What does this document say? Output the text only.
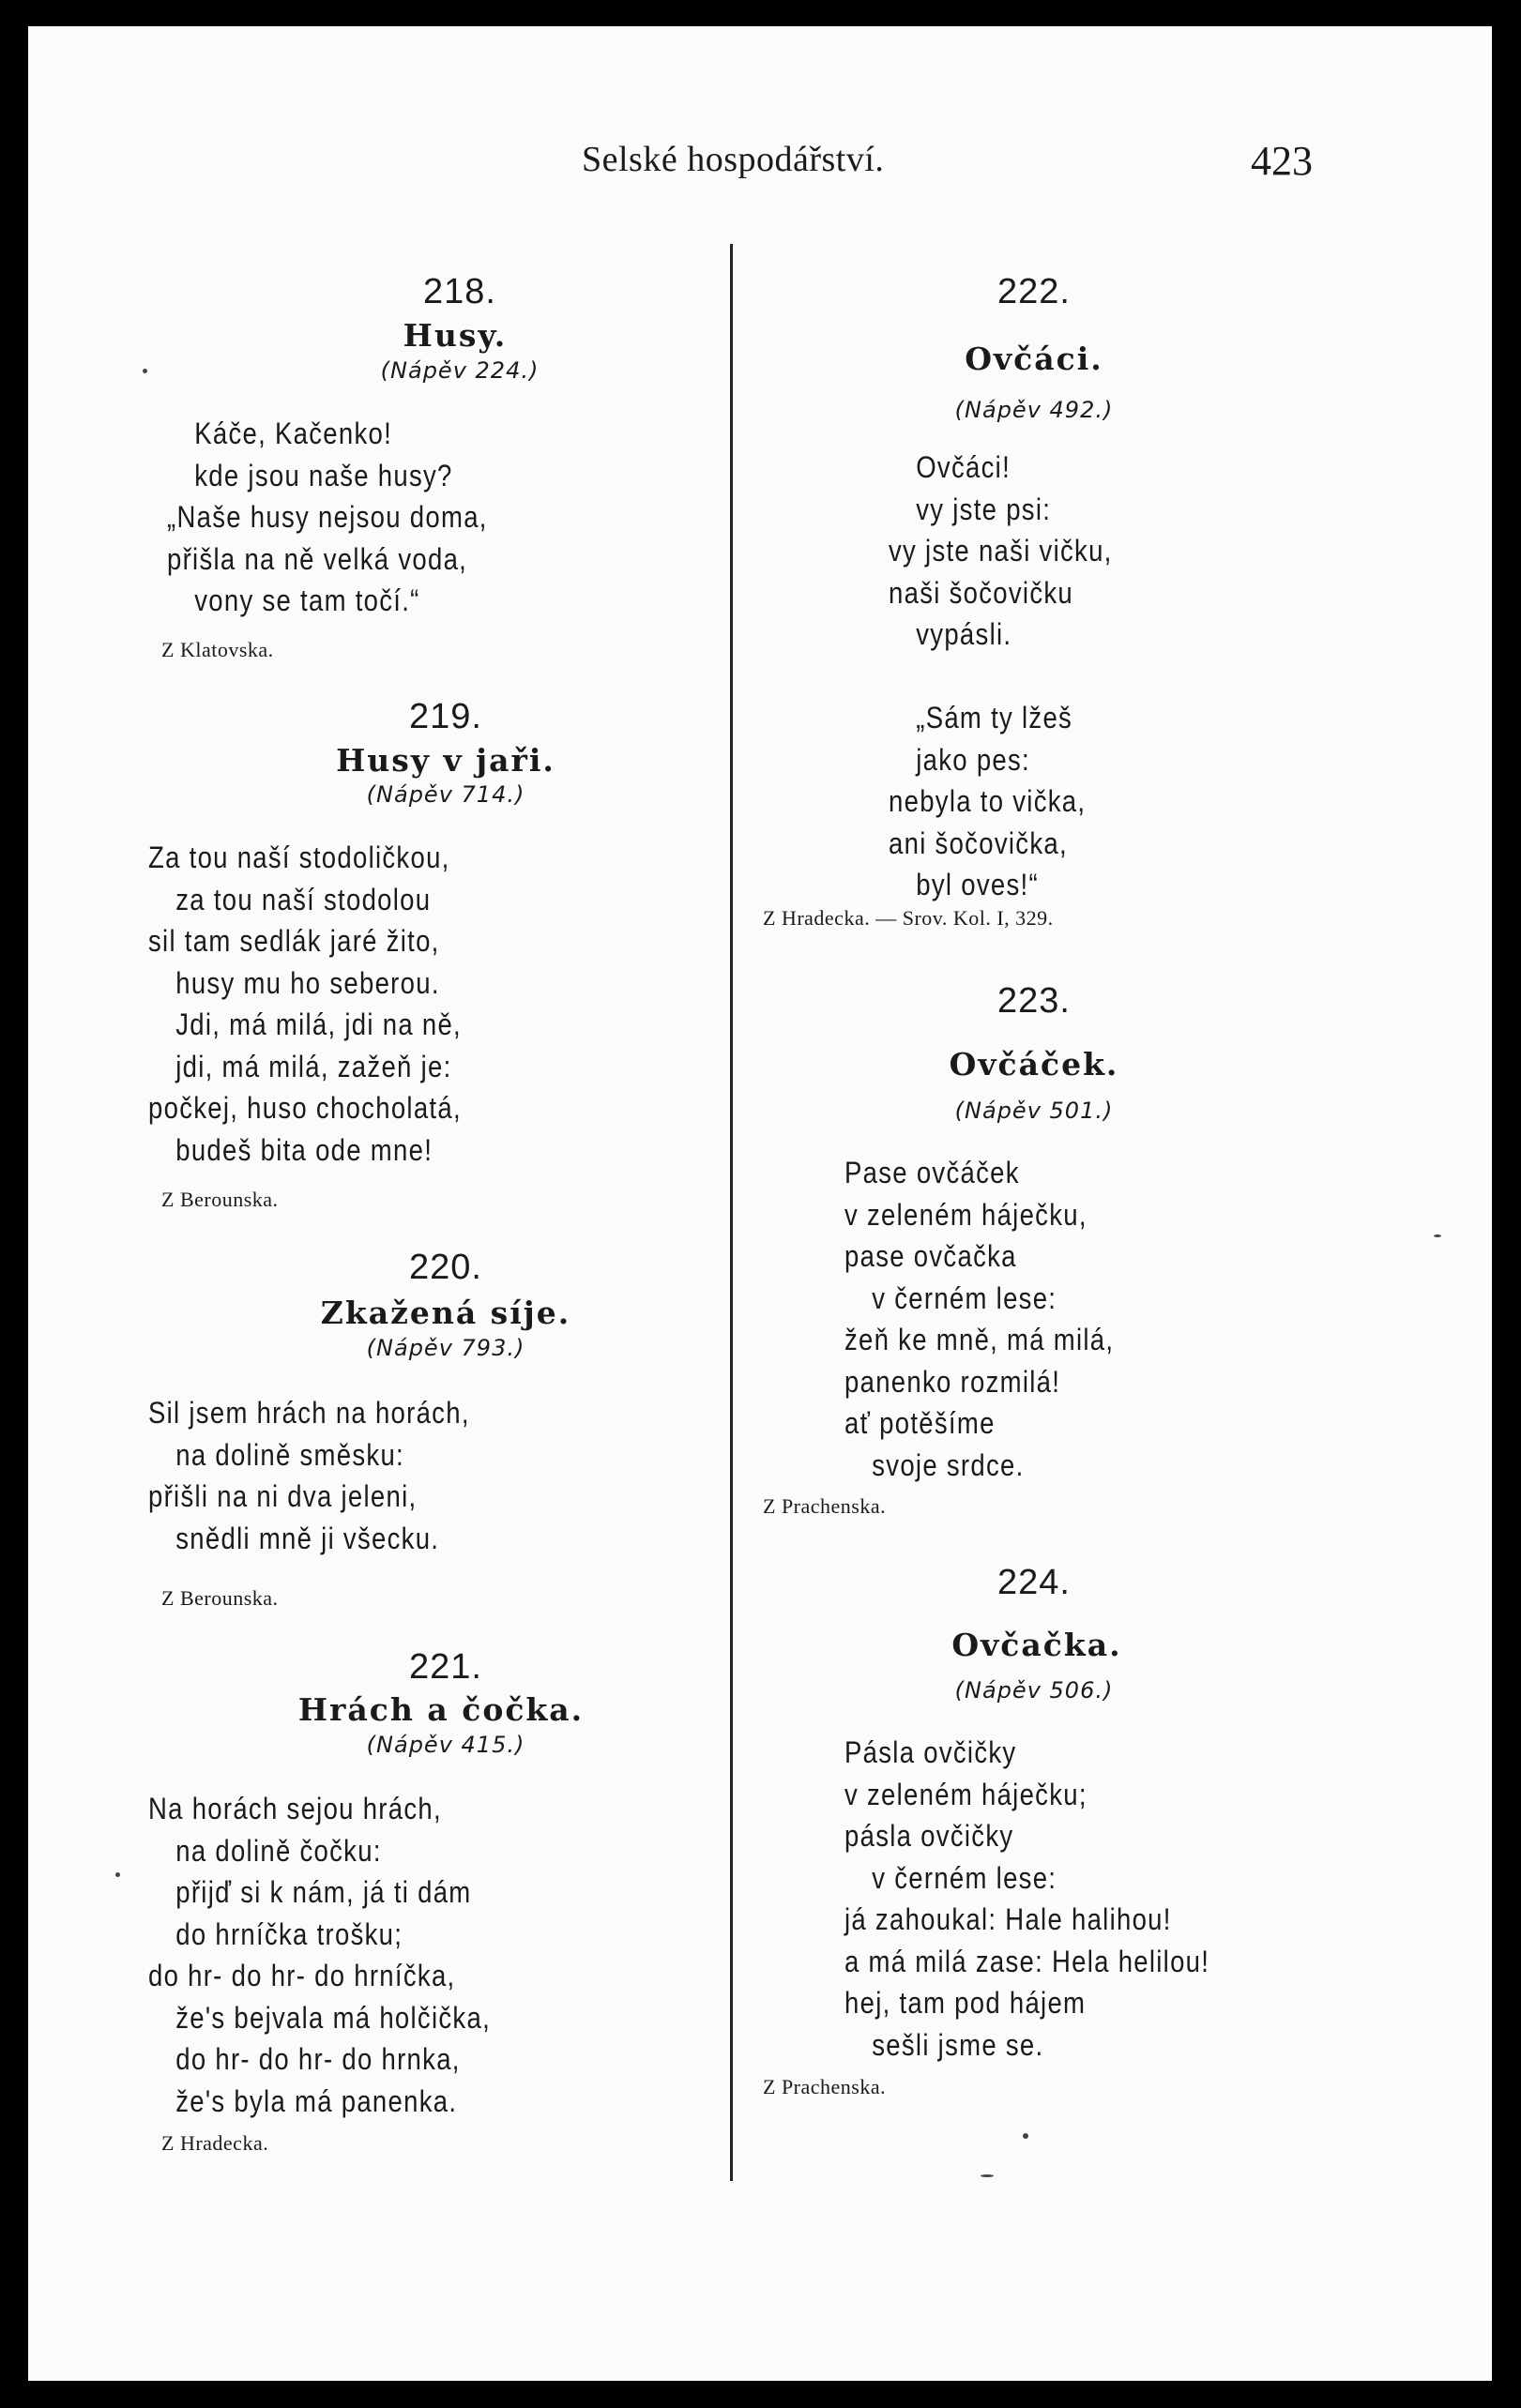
Selské hospodářství.	423
218.
Husy.
(Nápěv 224.)
Káče, Kačenko!
kde jsou naše husy?
„Naše husy nejsou doma,
přišla na ně velká voda,
vony se tam točí.“
Z Klatovska.
219.
Husy v jaři.
(Nápěv 714.)
Za tou naší stodoličkou,
za tou naší stodolou
sil tam sedlák jaré žito,
husy mu ho seberou.
Jdi, má milá, jdi na ně,
jdi, má milá, zažeň je:
počkej, huso chocholatá,
budeš bita ode mne!
Z Berounska.
220.
Zkažená síje.
(Nápěv 793.)
Sil jsem hrách na horách,
na dolině směsku:
přišli na ni dva jeleni,
snědli mně ji všecku.
Z Berounska.
221.
Hrách a čočka.
(Nápěv 415.)
Na horách sejou hrách,
na dolině čočku:
přijď si k nám, já ti dám
do hrníčka trošku;
do hr- do hr- do hrníčka,
že's bejvala má holčička,
do hr- do hr- do hrnka,
že's byla má panenka.
Z Hradecka.
222.
Ovčáci.
(Nápěv 492.)
Ovčáci!
vy jste psi:
vy jste naši vičku,
naši šočovičku
vypásli.
„Sám ty lžeš
jako pes:
nebyla to vička,
ani šočovička,
byl oves!“
Z Hradecka. — Srov. Kol. I, 329.
223.
Ovčáček.
(Nápěv 501.)
Pase ovčáček
v zeleném háječku,
pase ovčačka
v černém lese:
žeň ke mně, má milá,
panenko rozmilá!
ať potěšíme
svoje srdce.
Z Prachenska.
224.
Ovčačka.
(Nápěv 506.)
Pásla ovčičky
v zeleném háječku;
pásla ovčičky
v černém lese:
já zahoukal: Hale halihou!
a má milá zase: Hela helilou!
hej, tam pod hájem
sešli jsme se.
Z Prachenska.
